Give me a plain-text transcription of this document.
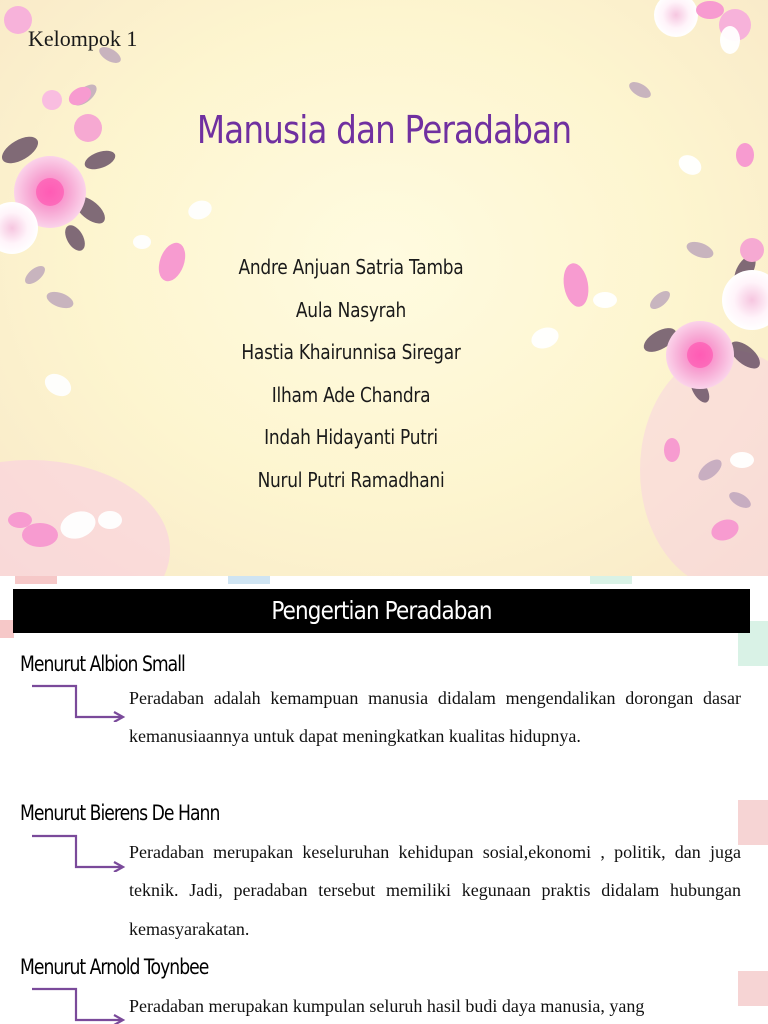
Kelompok 1
Manusia dan Peradaban
Andre Anjuan Satria Tamba
Aula Nasyrah
Hastia Khairunnisa Siregar
Ilham Ade Chandra
Indah Hidayanti Putri
Nurul Putri Ramadhani
Pengertian Peradaban
Menurut Albion Small

Peradaban adalah kemampuan manusia didalam mengendalikan dorongan dasar kemanusiaannya untuk dapat meningkatkan kualitas hidupnya.

Menurut Bierens De Hann

Peradaban merupakan keseluruhan kehidupan sosial,ekonomi , politik, dan juga teknik. Jadi, peradaban tersebut memiliki kegunaan praktis didalam hubungan kemasyarakatan.

Menurut Arnold Toynbee

Peradaban merupakan kumpulan seluruh hasil budi daya manusia, yang
